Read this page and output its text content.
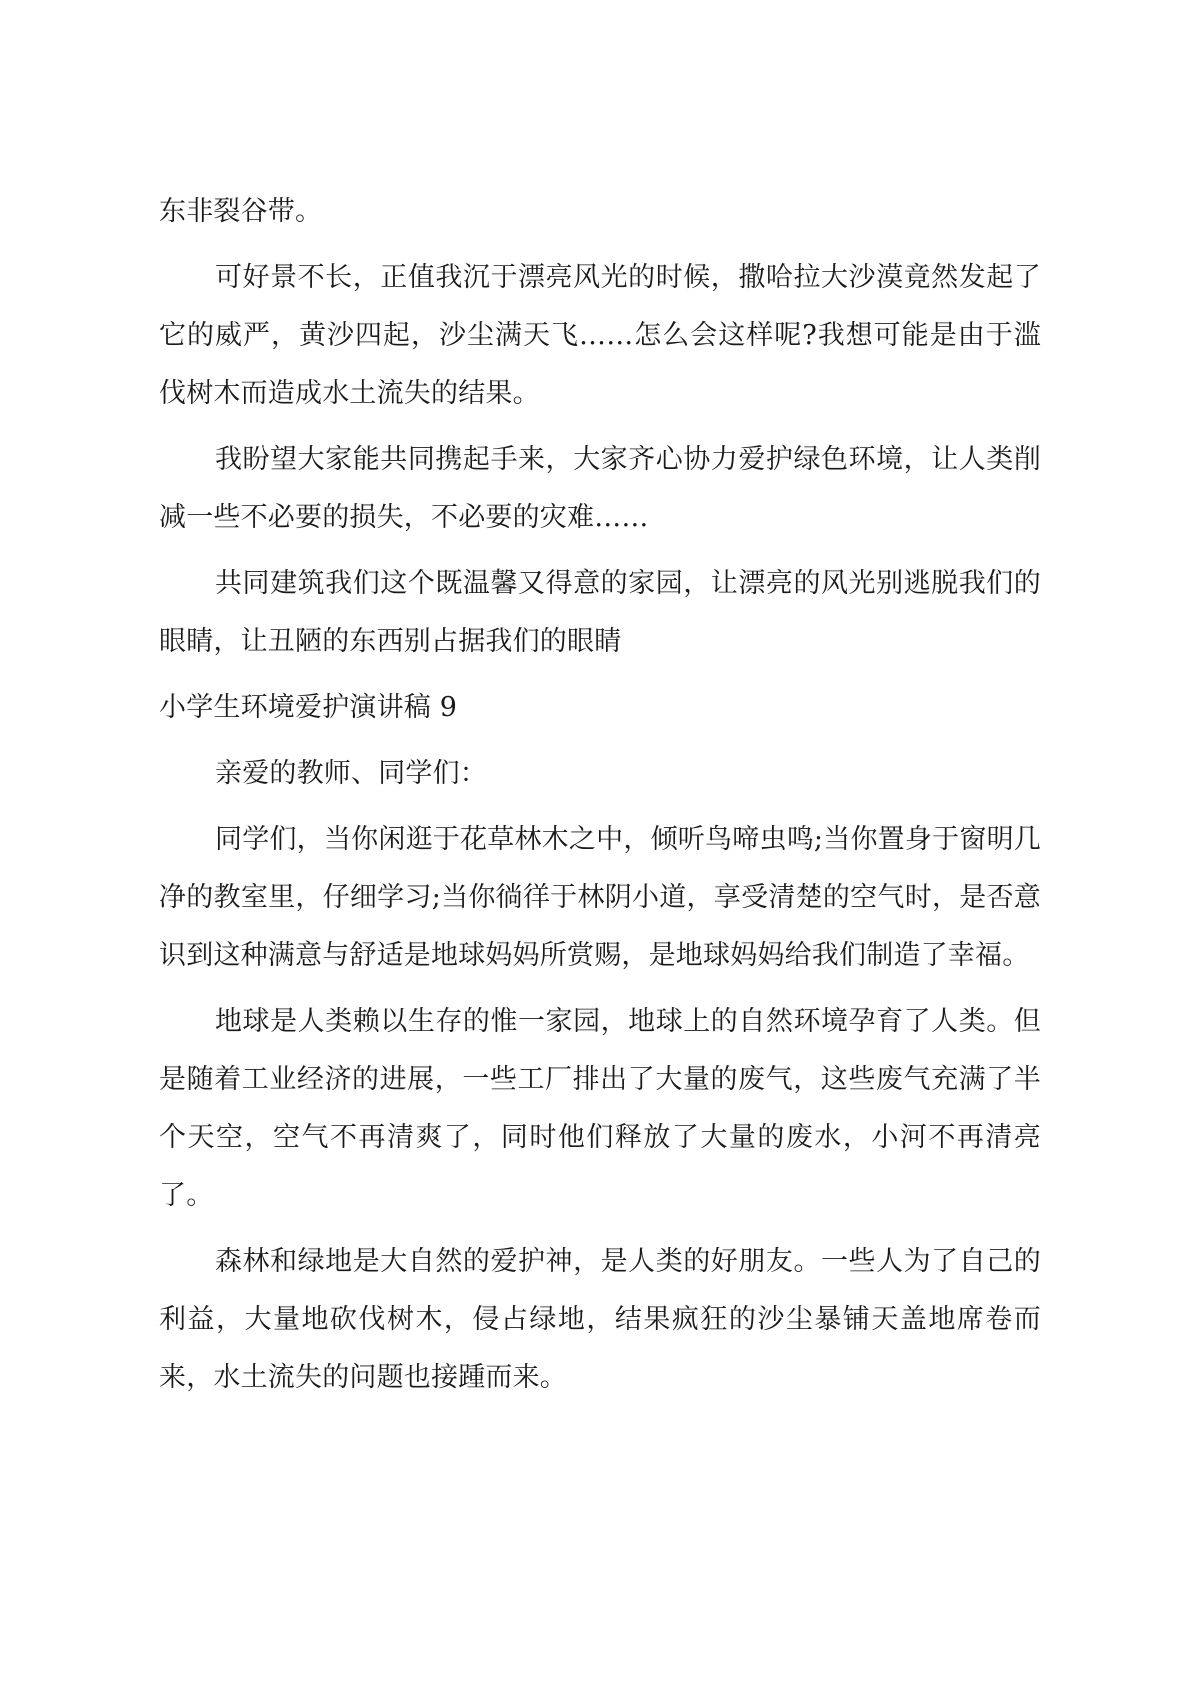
东非裂谷带。

可好景不长，正值我沉于漂亮风光的时候，撒哈拉大沙漠竟然发起了它的威严，黄沙四起，沙尘满天飞……怎么会这样呢?我想可能是由于滥伐树木而造成水土流失的结果。

我盼望大家能共同携起手来，大家齐心协力爱护绿色环境，让人类削减一些不必要的损失，不必要的灾难……

共同建筑我们这个既温馨又得意的家园，让漂亮的风光别逃脱我们的眼睛，让丑陋的东西别占据我们的眼睛

小学生环境爱护演讲稿 9

亲爱的教师、同学们：

同学们，当你闲逛于花草林木之中，倾听鸟啼虫鸣;当你置身于窗明几净的教室里，仔细学习;当你徜徉于林阴小道，享受清楚的空气时，是否意识到这种满意与舒适是地球妈妈所赏赐，是地球妈妈给我们制造了幸福。

地球是人类赖以生存的惟一家园，地球上的自然环境孕育了人类。但是随着工业经济的进展，一些工厂排出了大量的废气，这些废气充满了半个天空，空气不再清爽了，同时他们释放了大量的废水，小河不再清亮了。

森林和绿地是大自然的爱护神，是人类的好朋友。一些人为了自己的利益，大量地砍伐树木，侵占绿地，结果疯狂的沙尘暴铺天盖地席卷而来，水土流失的问题也接踵而来。
